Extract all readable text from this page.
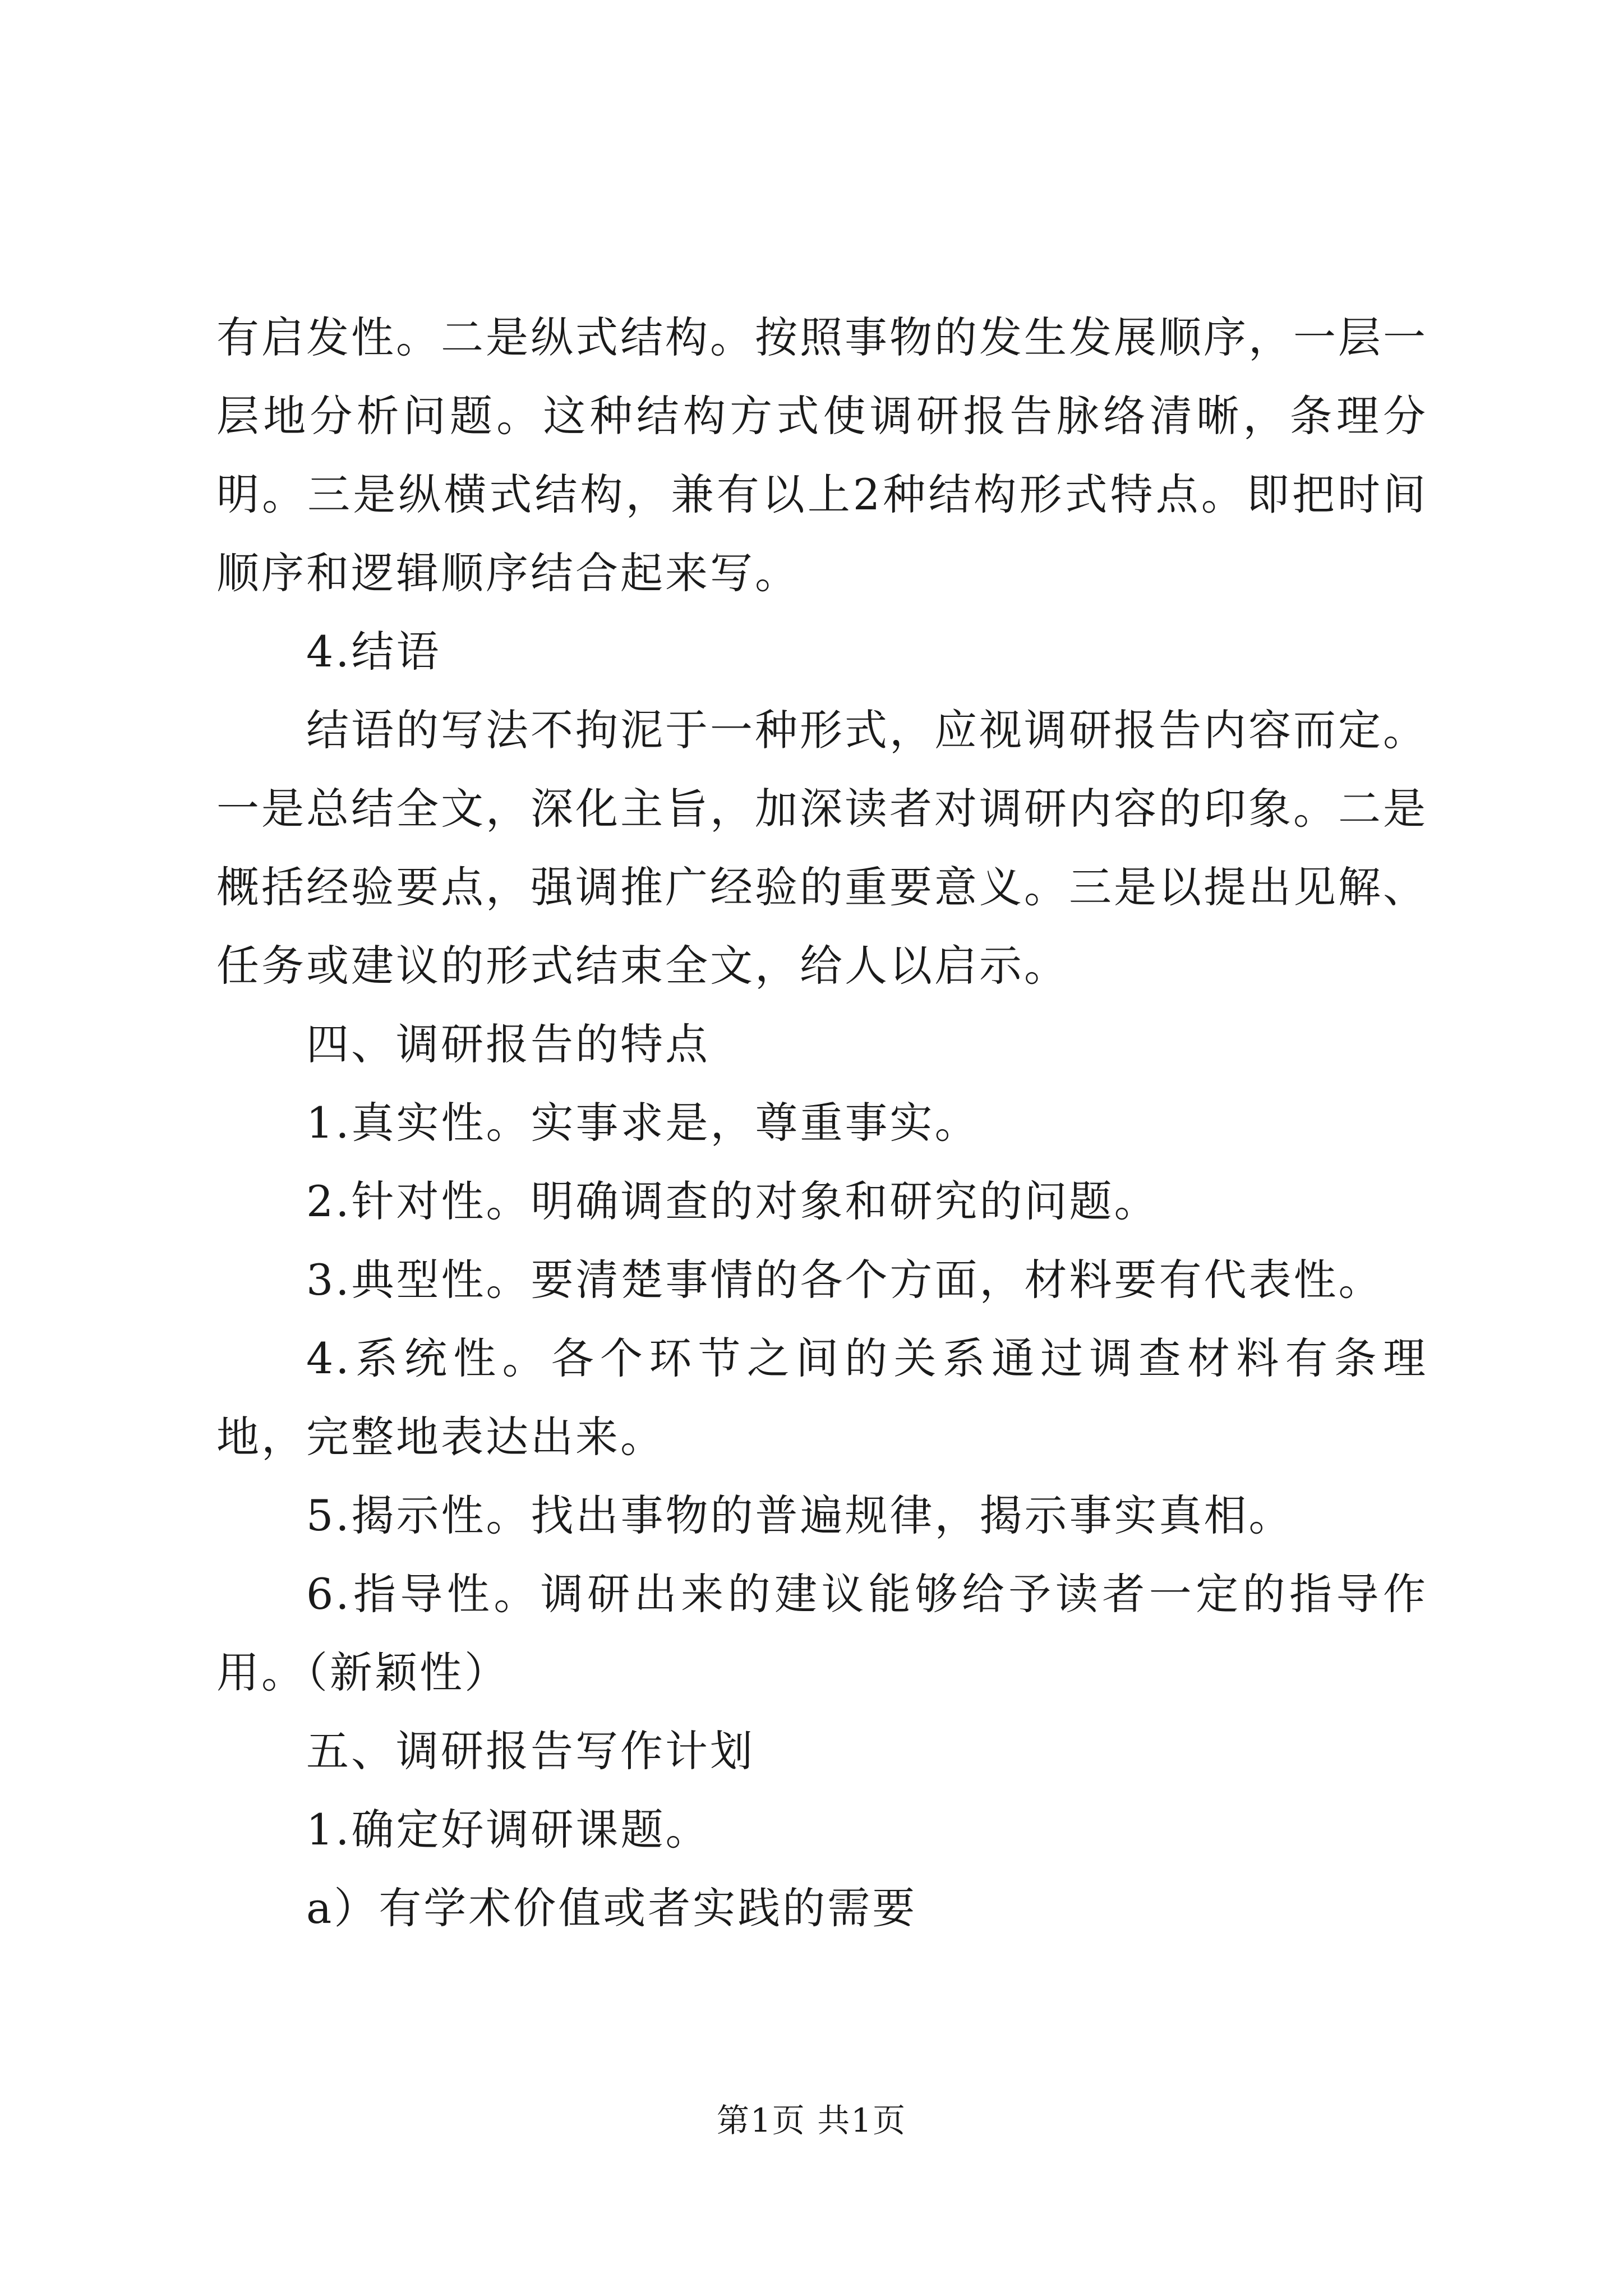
有启发性。二是纵式结构。按照事物的发生发展顺序，一层一层地分析问题。这种结构方式使调研报告脉络清晰，条理分明。三是纵横式结构，兼有以上2种结构形式特点。即把时间顺序和逻辑顺序结合起来写。

4.结语

结语的写法不拘泥于一种形式，应视调研报告内容而定。一是总结全文，深化主旨，加深读者对调研内容的印象。二是概括经验要点，强调推广经验的重要意义。三是以提出见解、任务或建议的形式结束全文，给人以启示。

四、调研报告的特点

1.真实性。实事求是，尊重事实。

2.针对性。明确调查的对象和研究的问题。

3.典型性。要清楚事情的各个方面，材料要有代表性。

4.系统性。各个环节之间的关系通过调查材料有条理地，完整地表达出来。

5.揭示性。找出事物的普遍规律，揭示事实真相。

6.指导性。调研出来的建议能够给予读者一定的指导作用。（新颖性）

五、调研报告写作计划

1.确定好调研课题。

a）有学术价值或者实践的需要

第1页 共1页
